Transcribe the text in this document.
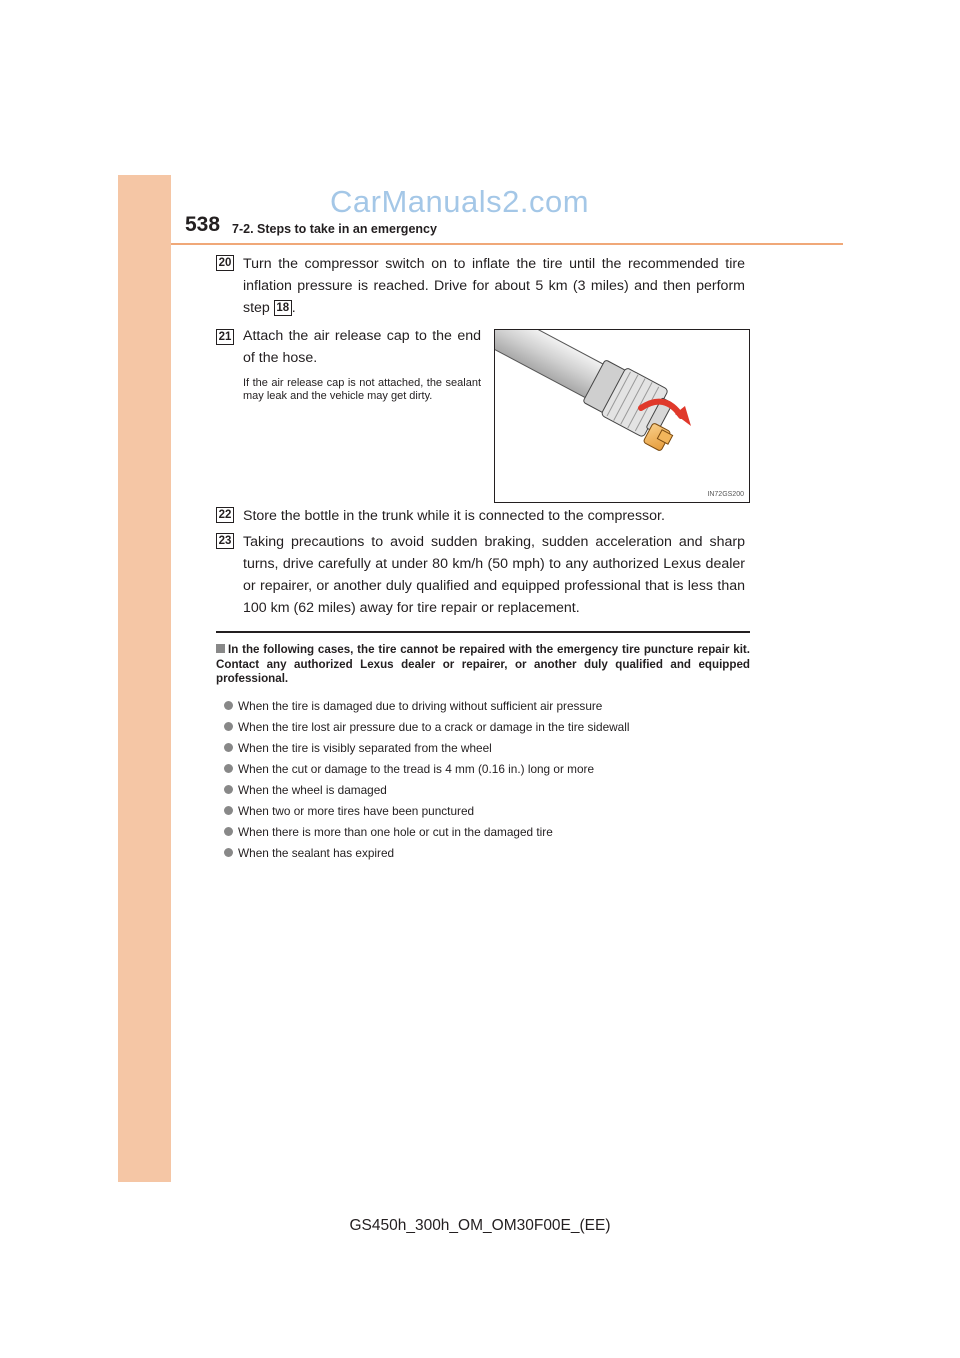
538 7-2. Steps to take in an emergency
CarManuals2.com
20 Turn the compressor switch on to inflate the tire until the recommended tire inflation pressure is reached. Drive for about 5 km (3 miles) and then perform step 18 .
21 Attach the air release cap to the end of the hose.
If the air release cap is not attached, the sealant may leak and the vehicle may get dirty.
IN72GS200
22 Store the bottle in the trunk while it is connected to the compressor.
23 Taking precautions to avoid sudden braking, sudden acceleration and sharp turns, drive carefully at under 80 km/h (50 mph) to any authorized Lexus dealer or repairer, or another duly qualified and equipped professional that is less than 100 km (62 miles) away for tire repair or replacement.
In the following cases, the tire cannot be repaired with the emergency tire puncture repair kit. Contact any authorized Lexus dealer or repairer, or another duly qualified and equipped professional.
When the tire is damaged due to driving without sufficient air pressure
When the tire lost air pressure due to a crack or damage in the tire sidewall
When the tire is visibly separated from the wheel
When the cut or damage to the tread is 4 mm (0.16 in.) long or more
When the wheel is damaged
When two or more tires have been punctured
When there is more than one hole or cut in the damaged tire
When the sealant has expired
GS450h_300h_OM_OM30F00E_(EE)
